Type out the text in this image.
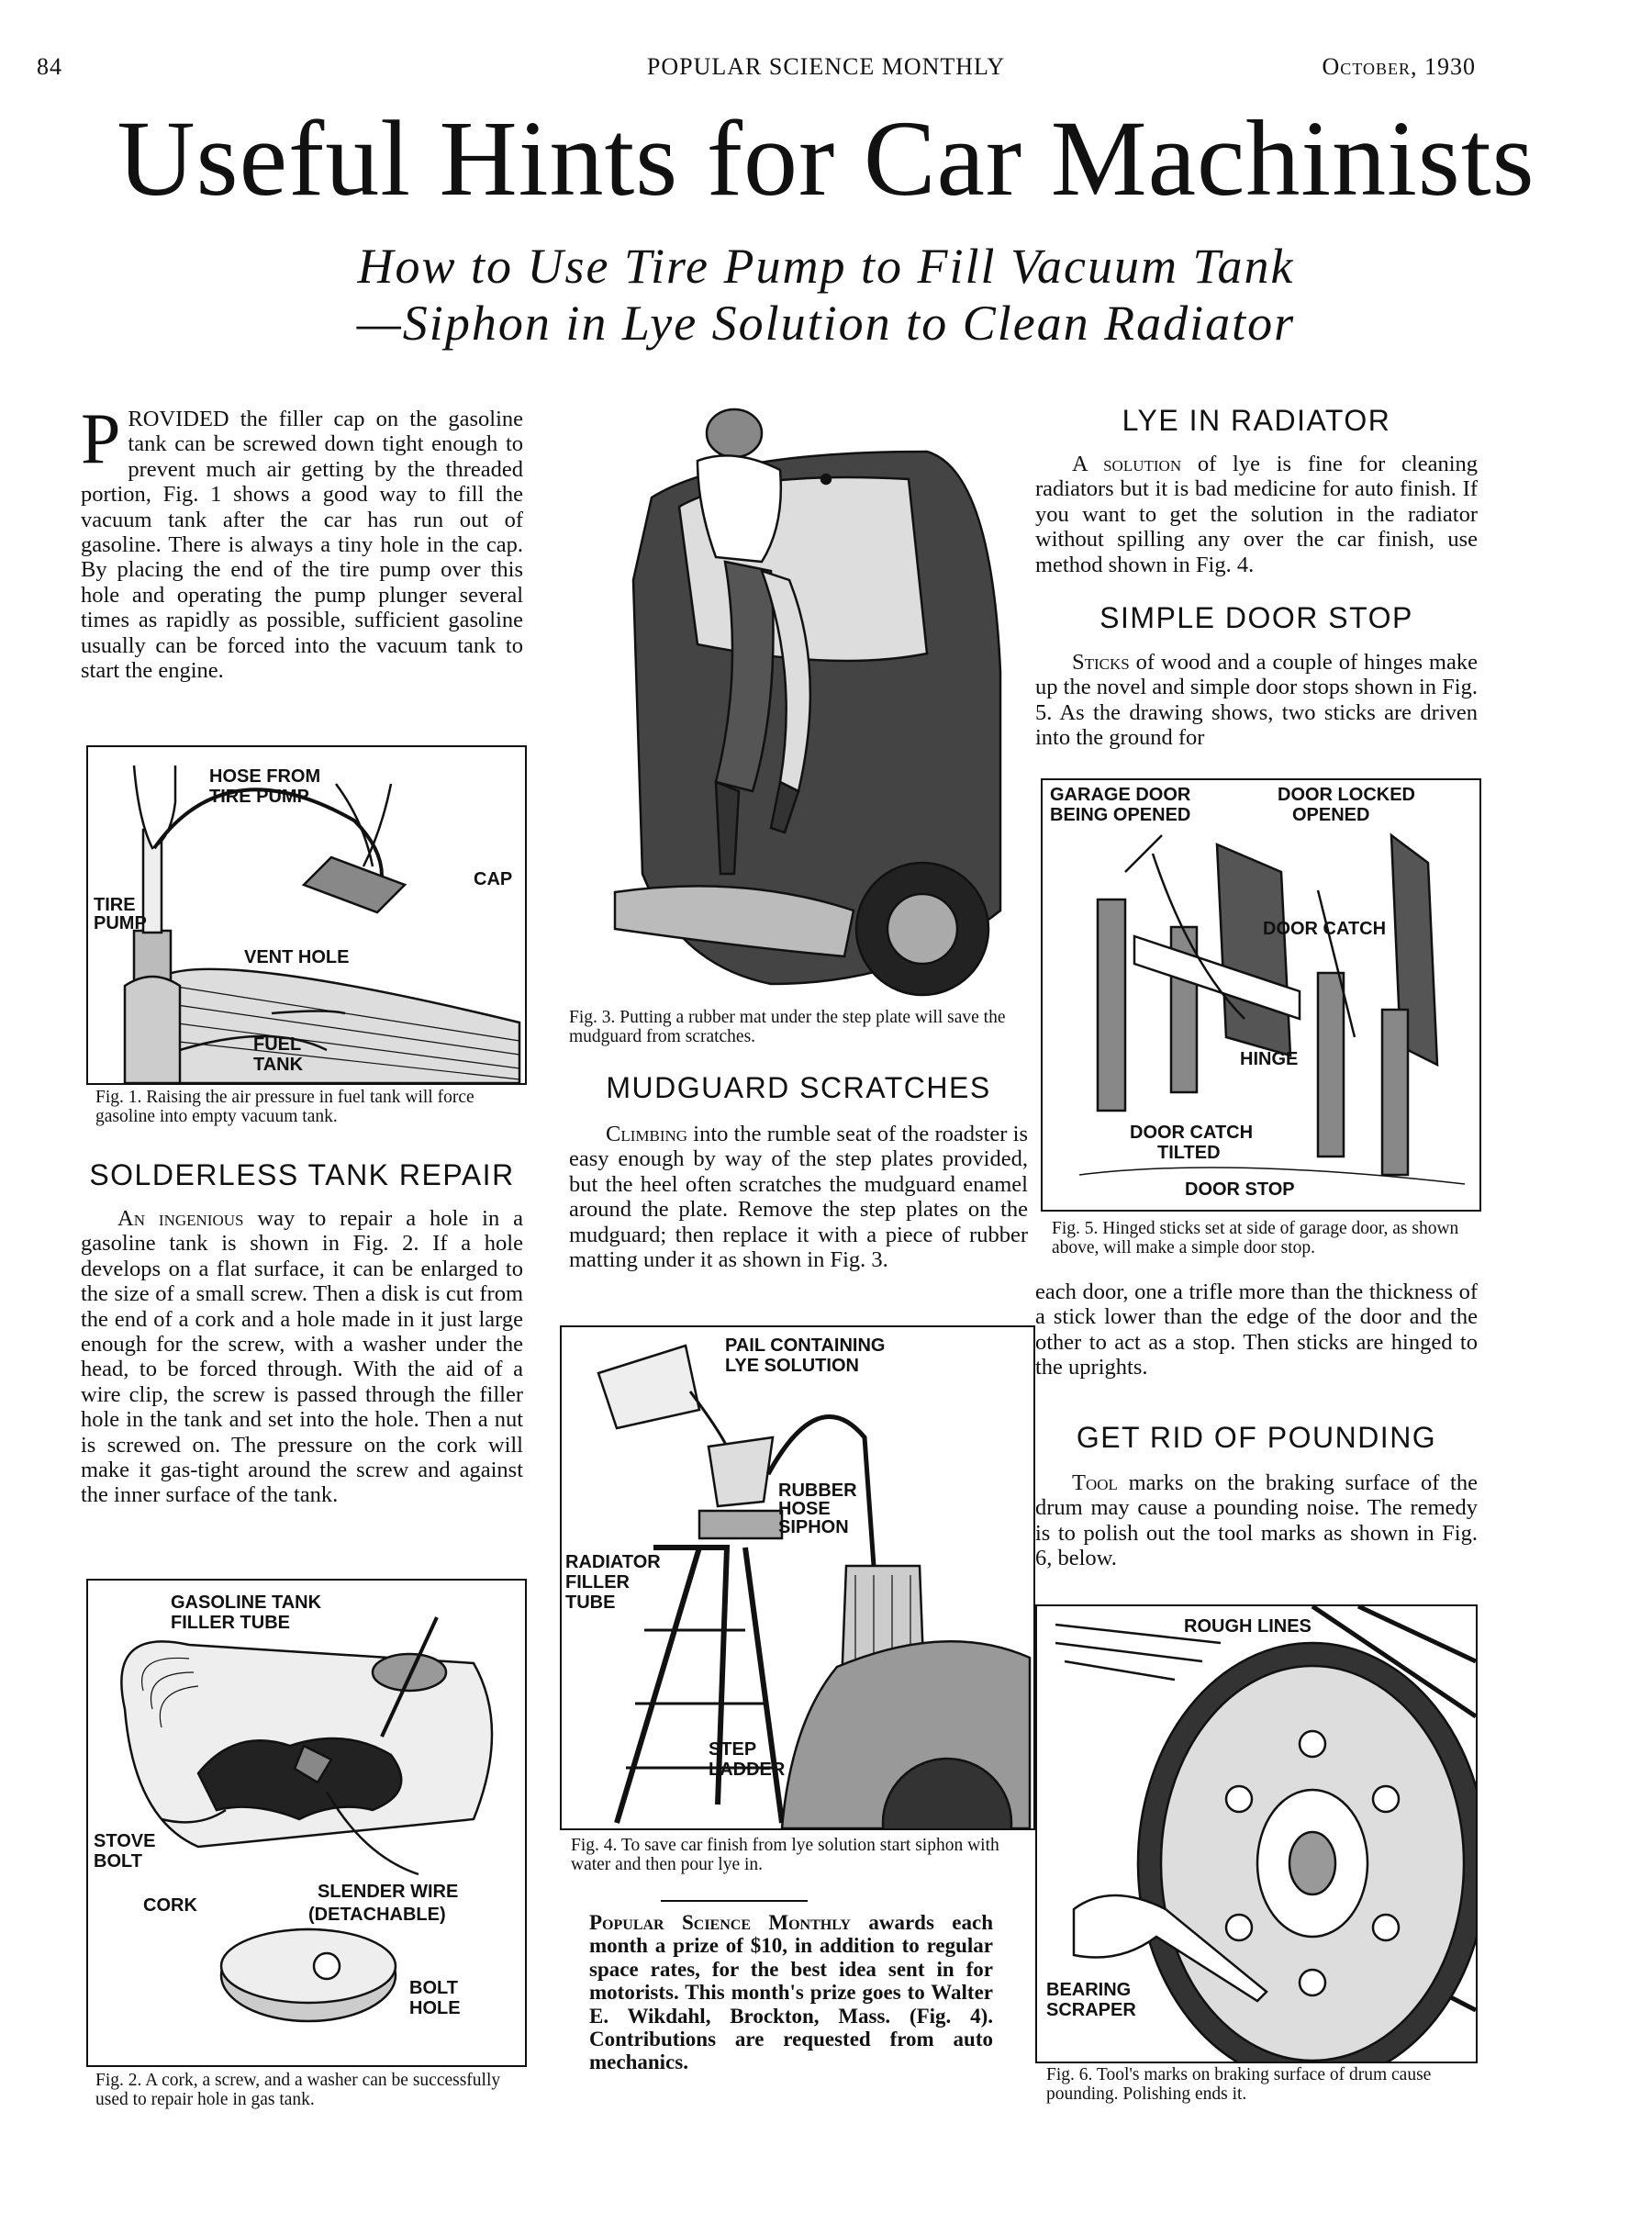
84	POPULAR SCIENCE MONTHLY	October, 1930
Useful Hints for Car Machinists
How to Use Tire Pump to Fill Vacuum Tank
—Siphon in Lye Solution to Clean Radiator
PROVIDED the filler cap on the gasoline tank can be screwed down tight enough to prevent much air getting by the threaded portion, Fig. 1 shows a good way to fill the vacuum tank after the car has run out of gasoline. There is always a tiny hole in the cap. By placing the end of the tire pump over this hole and operating the pump plunger several times as rapidly as possible, sufficient gasoline usually can be forced into the vacuum tank to start the engine.
HOSE FROM
TIRE PUMP
CAP
TIRE
PUMP
VENT HOLE
FUEL
TANK
Fig. 1. Raising the air pressure in fuel tank will force gasoline into empty vacuum tank.
SOLDERLESS TANK REPAIR

An ingenious way to repair a hole in a gasoline tank is shown in Fig. 2. If a hole develops on a flat surface, it can be enlarged to the size of a small screw. Then a disk is cut from the end of a cork and a hole made in it just large enough for the screw, with a washer under the head, to be forced through. With the aid of a wire clip, the screw is passed through the filler hole in the tank and set into the hole. Then a nut is screwed on. The pressure on the cork will make it gas-tight around the screw and against the inner surface of the tank.

GASOLINE TANK
FILLER TUBE
STOVE
BOLT
CORK
SLENDER WIRE
(DETACHABLE)
BOLT
HOLE
Fig. 2. A cork, a screw, and a washer can be successfully used to repair hole in gas tank.
Fig. 3. Putting a rubber mat under the step plate will save the mudguard from scratches.
MUDGUARD SCRATCHES

Climbing into the rumble seat of the roadster is easy enough by way of the step plates provided, but the heel often scratches the mudguard enamel around the plate. Remove the step plates on the mudguard; then replace it with a piece of rubber matting under it as shown in Fig. 3.

PAIL CONTAINING
LYE SOLUTION
RUBBER
HOSE
SIPHON
RADIATOR
FILLER
TUBE
STEP
LADDER
Fig. 4. To save car finish from lye solution start siphon with water and then pour lye in.
Popular Science Monthly awards each month a prize of $10, in addition to regular space rates, for the best idea sent in for motorists. This month's prize goes to Walter E. Wikdahl, Brockton, Mass. (Fig. 4). Contributions are requested from auto mechanics.
LYE IN RADIATOR

A solution of lye is fine for cleaning radiators but it is bad medicine for auto finish. If you want to get the solution in the radiator without spilling any over the car finish, use method shown in Fig. 4.

SIMPLE DOOR STOP

Sticks of wood and a couple of hinges make up the novel and simple door stops shown in Fig. 5. As the drawing shows, two sticks are driven into the ground for

GARAGE DOOR
BEING OPENED
DOOR LOCKED
OPENED
DOOR CATCH
HINGE
DOOR CATCH
TILTED
DOOR STOP
Fig. 5. Hinged sticks set at side of garage door, as shown above, will make a simple door stop.
each door, one a trifle more than the thickness of a stick lower than the edge of the door and the other to act as a stop. Then sticks are hinged to the uprights.
GET RID OF POUNDING

Tool marks on the braking surface of the drum may cause a pounding noise. The remedy is to polish out the tool marks as shown in Fig. 6, below.

ROUGH LINES
BEARING
SCRAPER
Fig. 6. Tool's marks on braking surface of drum cause pounding. Polishing ends it.
